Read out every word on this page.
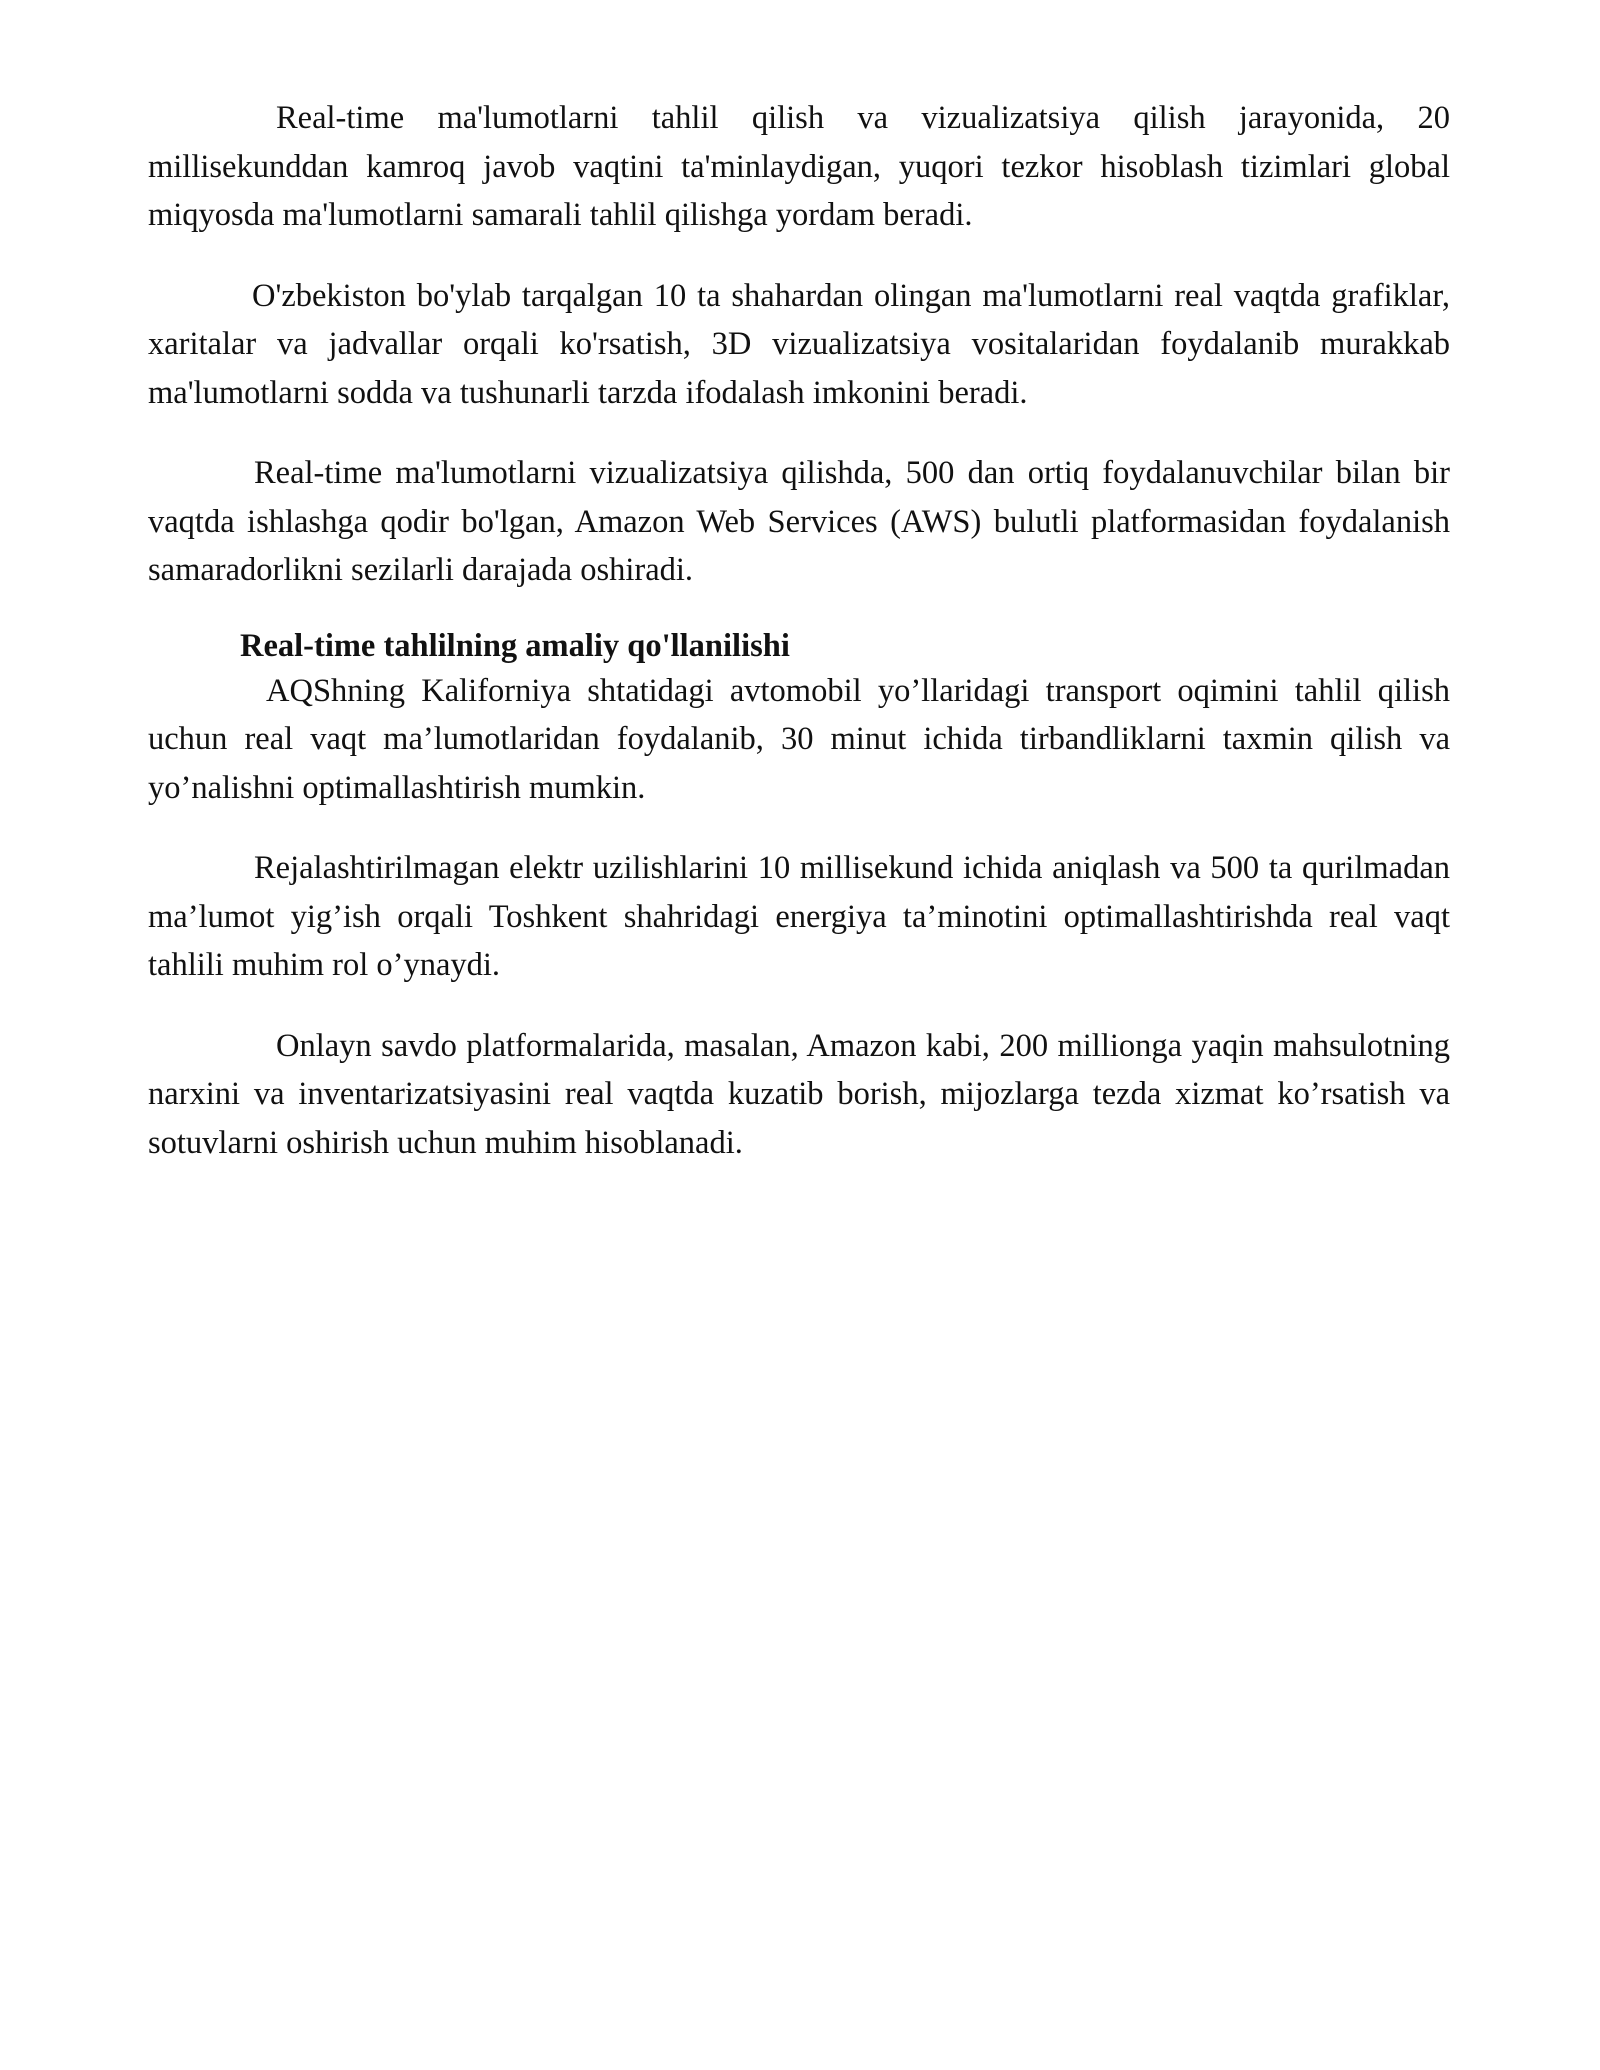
Real-time ma'lumotlarni tahlil qilish va vizualizatsiya qilish jarayonida, 20 millisekunddan kamroq javob vaqtini ta'minlaydigan, yuqori tezkor hisoblash tizimlari global miqyosda ma'lumotlarni samarali tahlil qilishga yordam beradi.

O'zbekiston bo'ylab tarqalgan 10 ta shahardan olingan ma'lumotlarni real vaqtda grafiklar, xaritalar va jadvallar orqali ko'rsatish, 3D vizualizatsiya vositalaridan foydalanib murakkab ma'lumotlarni sodda va tushunarli tarzda ifodalash imkonini beradi.

Real-time ma'lumotlarni vizualizatsiya qilishda, 500 dan ortiq foydalanuvchilar bilan bir vaqtda ishlashga qodir bo'lgan, Amazon Web Services (AWS) bulutli platformasidan foydalanish samaradorlikni sezilarli darajada oshiradi.

Real-time tahlilning amaliy qo'llanilishi

AQShning Kaliforniya shtatidagi avtomobil yo’llaridagi transport oqimini tahlil qilish uchun real vaqt ma’lumotlaridan foydalanib, 30 minut ichida tirbandliklarni taxmin qilish va yo’nalishni optimallashtirish mumkin.

Rejalashtirilmagan elektr uzilishlarini 10 millisekund ichida aniqlash va 500 ta qurilmadan ma’lumot yig’ish orqali Toshkent shahridagi energiya ta’minotini optimallashtirishda real vaqt tahlili muhim rol o’ynaydi.

Onlayn savdo platformalarida, masalan, Amazon kabi, 200 millionga yaqin mahsulotning narxini va inventarizatsiyasini real vaqtda kuzatib borish, mijozlarga tezda xizmat ko’rsatish va sotuvlarni oshirish uchun muhim hisoblanadi.
